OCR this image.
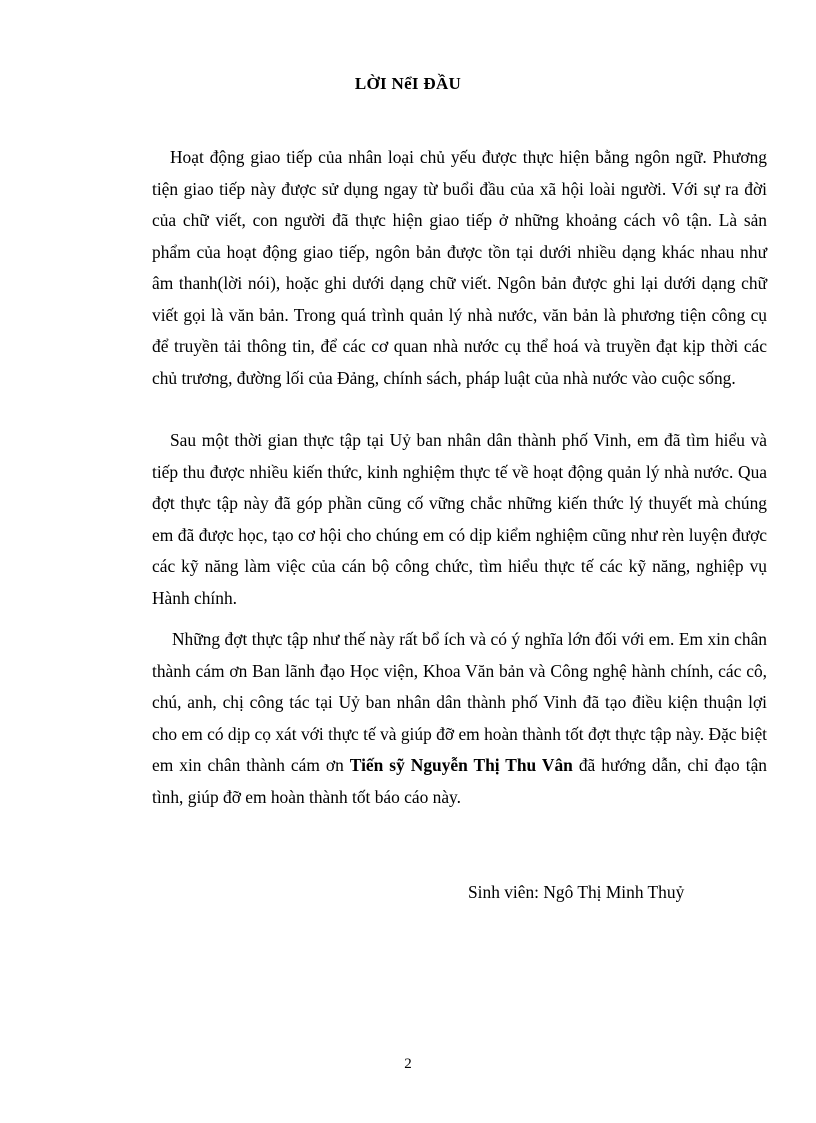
LỜI NểI ĐẦU

Hoạt động giao tiếp của nhân loại chủ yếu được thực hiện bằng ngôn ngữ. Phương tiện giao tiếp này được sử dụng ngay từ buổi đầu của xã hội loài người. Với sự ra đời của chữ viết, con người đã thực hiện giao tiếp ở những khoảng cách vô tận. Là sản phẩm của hoạt động giao tiếp, ngôn bản được tồn tại dưới nhiều dạng khác nhau như âm thanh(lời nói), hoặc ghi dưới dạng chữ viết. Ngôn bản được ghi lại dưới dạng chữ viết gọi là văn bản. Trong quá trình quản lý nhà nước, văn bản là phương tiện công cụ để truyền tải thông tin, để các cơ quan nhà nước cụ thể hoá và truyền đạt kịp thời các chủ trương, đường lối của Đảng, chính sách, pháp luật của nhà nước vào cuộc sống.

Sau một thời gian thực tập tại Uỷ ban nhân dân thành phố Vinh, em đã tìm hiểu và tiếp thu được nhiều kiến thức, kinh nghiệm thực tế về hoạt động quản lý nhà nước. Qua đợt thực tập này đã góp phần cũng cố vững chắc những kiến thức lý thuyết mà chúng em đã được học, tạo cơ hội cho chúng em có dịp kiểm nghiệm cũng như rèn luyện được các kỹ năng làm việc của cán bộ công chức, tìm hiểu thực tế các kỹ năng, nghiệp vụ Hành chính.

Những đợt thực tập như thế này rất bổ ích và có ý nghĩa lớn đối với em. Em xin chân thành cám ơn Ban lãnh đạo Học viện, Khoa Văn bản và Công nghệ hành chính, các cô, chú, anh, chị công tác tại Uỷ ban nhân dân thành phố Vinh đã tạo điều kiện thuận lợi cho em có dịp cọ xát với thực tế và giúp đỡ em hoàn thành tốt đợt thực tập này. Đặc biệt em xin chân thành cám ơn Tiến sỹ Nguyễn Thị Thu Vân đã hướng dẫn, chỉ đạo tận tình, giúp đỡ em hoàn thành tốt báo cáo này.

Sinh viên: Ngô Thị Minh Thuỷ
2
